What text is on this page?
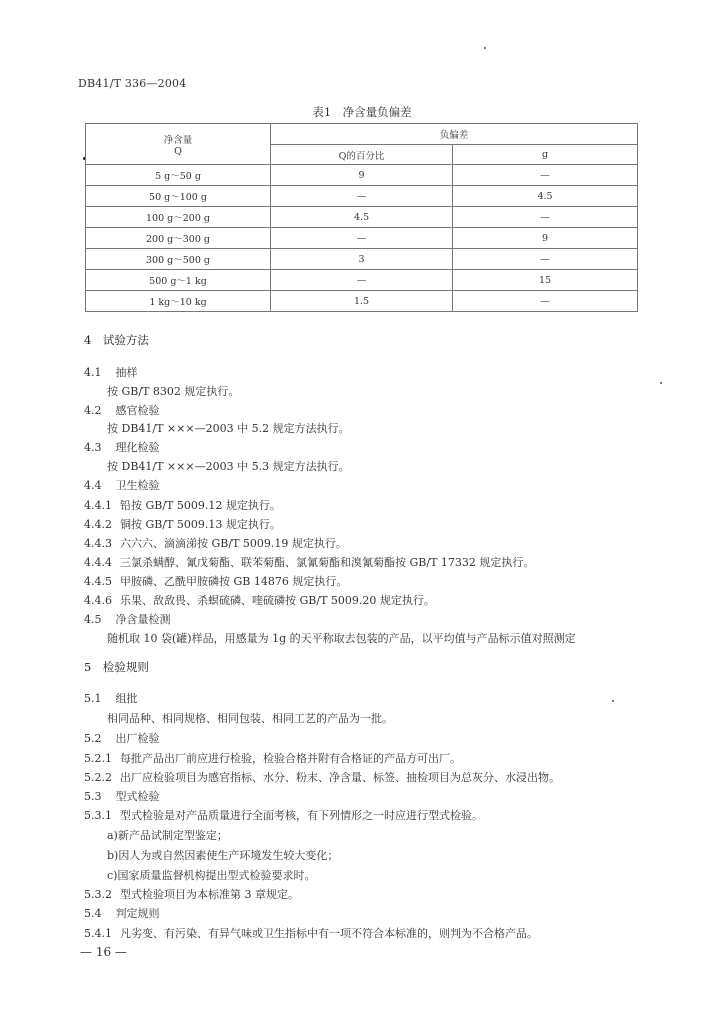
DB41/T 336—2004
表1　净含量负偏差
净含量
Q	负偏差	
	Q的百分比	g
5 g～50 g	9	—
50 g～100 g	—	4.5
100 g～200 g	4.5	—
200 g～300 g	—	9
300 g～500 g	3	—
500 g～1 kg	—	15
1 kg～10 kg	1.5	—
4　试验方法
4.1 抽样
按 GB/T 8302 规定执行。
4.2 感官检验
按 DB41/T ×××—2003 中 5.2 规定方法执行。
4.3 理化检验
按 DB41/T ×××—2003 中 5.3 规定方法执行。
4.4 卫生检验
4.4.1 铅按 GB/T 5009.12 规定执行。
4.4.2 铜按 GB/T 5009.13 规定执行。
4.4.3 六六六、滴滴涕按 GB/T 5009.19 规定执行。
4.4.4 三氯杀螨醇、氰戊菊酯、联苯菊酯、氯氰菊酯和溴氰菊酯按 GB/T 17332 规定执行。
4.4.5 甲胺磷、乙酰甲胺磷按 GB 14876 规定执行。
4.4.6 乐果、敌敌畏、杀螟硫磷、喹硫磷按 GB/T 5009.20 规定执行。
4.5 净含量检测
随机取 10 袋(罐)样品，用感量为 1g 的天平称取去包装的产品，以平均值与产品标示值对照测定
5　检验规则
5.1 组批
相同品种、相同规格、相同包装、相同工艺的产品为一批。
5.2 出厂检验
5.2.1 每批产品出厂前应进行检验，检验合格并附有合格证的产品方可出厂。
5.2.2 出厂应检验项目为感官指标、水分、粉末、净含量、标签、抽检项目为总灰分、水浸出物。
5.3 型式检验
5.3.1 型式检验是对产品质量进行全面考核，有下列情形之一时应进行型式检验。
a)新产品试制定型鉴定；
b)因人为或自然因素使生产环境发生较大变化；
c)国家质量监督机构提出型式检验要求时。
5.3.2 型式检验项目为本标准第 3 章规定。
5.4 判定规则
5.4.1 凡劣变、有污染、有异气味或卫生指标中有一项不符合本标准的，则判为不合格产品。
— 16 —
